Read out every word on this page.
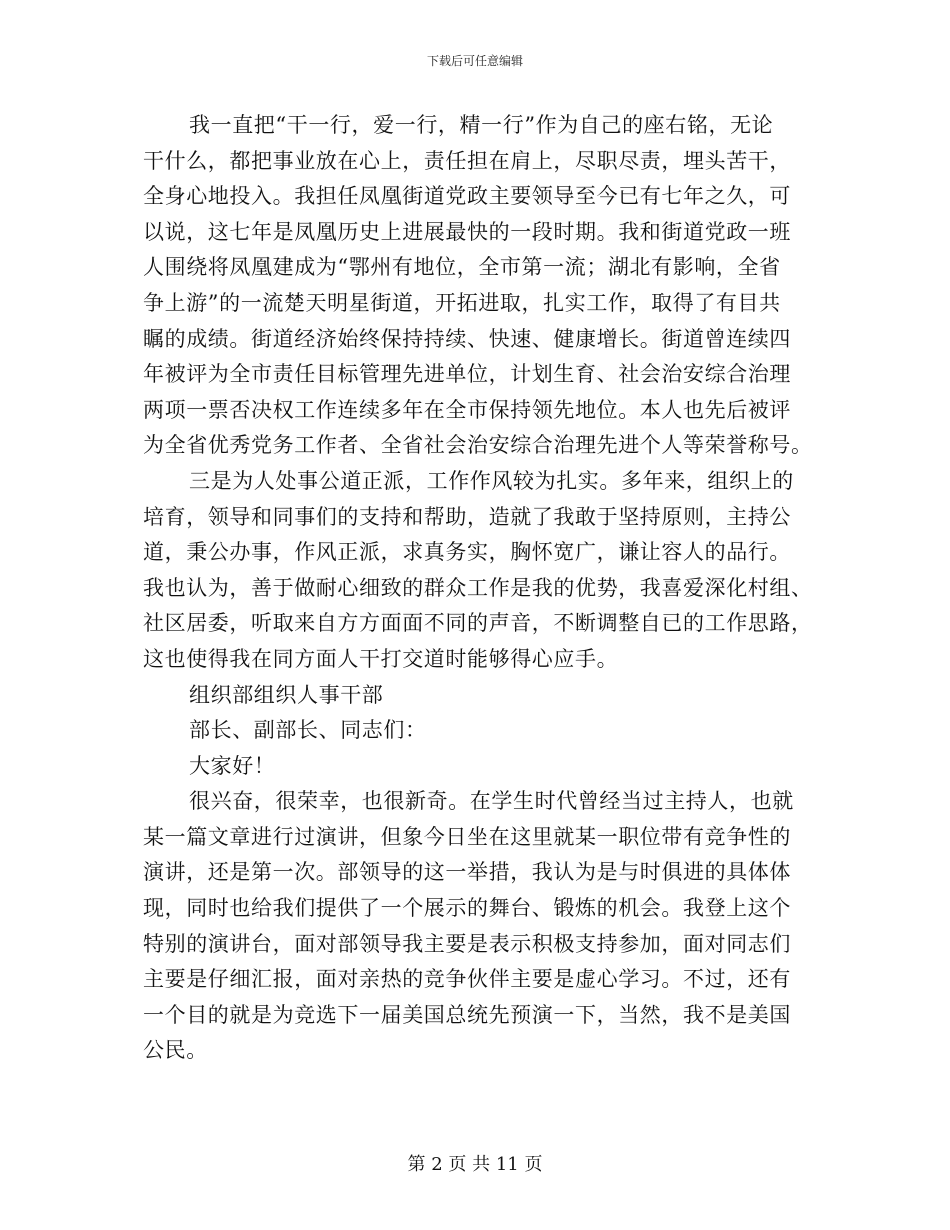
下载后可任意编辑
我一直把“干一行，爱一行，精一行”作为自己的座右铭，无论
干什么，都把事业放在心上，责任担在肩上，尽职尽责，埋头苦干，
全身心地投入。我担任凤凰街道党政主要领导至今已有七年之久，可
以说，这七年是凤凰历史上进展最快的一段时期。我和街道党政一班
人围绕将凤凰建成为“鄂州有地位，全市第一流；湖北有影响，全省
争上游”的一流楚天明星街道，开拓进取，扎实工作，取得了有目共
瞩的成绩。街道经济始终保持持续、快速、健康增长。街道曾连续四
年被评为全市责任目标管理先进单位，计划生育、社会治安综合治理
两项一票否决权工作连续多年在全市保持领先地位。本人也先后被评
为全省优秀党务工作者、全省社会治安综合治理先进个人等荣誉称号。
三是为人处事公道正派，工作作风较为扎实。多年来，组织上的
培育，领导和同事们的支持和帮助，造就了我敢于坚持原则，主持公
道，秉公办事，作风正派，求真务实，胸怀宽广，谦让容人的品行。
我也认为，善于做耐心细致的群众工作是我的优势，我喜爱深化村组、
社区居委，听取来自方方面面不同的声音，不断调整自已的工作思路，
这也使得我在同方面人干打交道时能够得心应手。
组织部组织人事干部
部长、副部长、同志们：
大家好！
很兴奋，很荣幸，也很新奇。在学生时代曾经当过主持人，也就
某一篇文章进行过演讲，但象今日坐在这里就某一职位带有竞争性的
演讲，还是第一次。部领导的这一举措，我认为是与时俱进的具体体
现，同时也给我们提供了一个展示的舞台、锻炼的机会。我登上这个
特别的演讲台，面对部领导我主要是表示积极支持参加，面对同志们
主要是仔细汇报，面对亲热的竞争伙伴主要是虚心学习。不过，还有
一个目的就是为竞选下一届美国总统先预演一下，当然，我不是美国
公民。
第 2 页 共 11 页
